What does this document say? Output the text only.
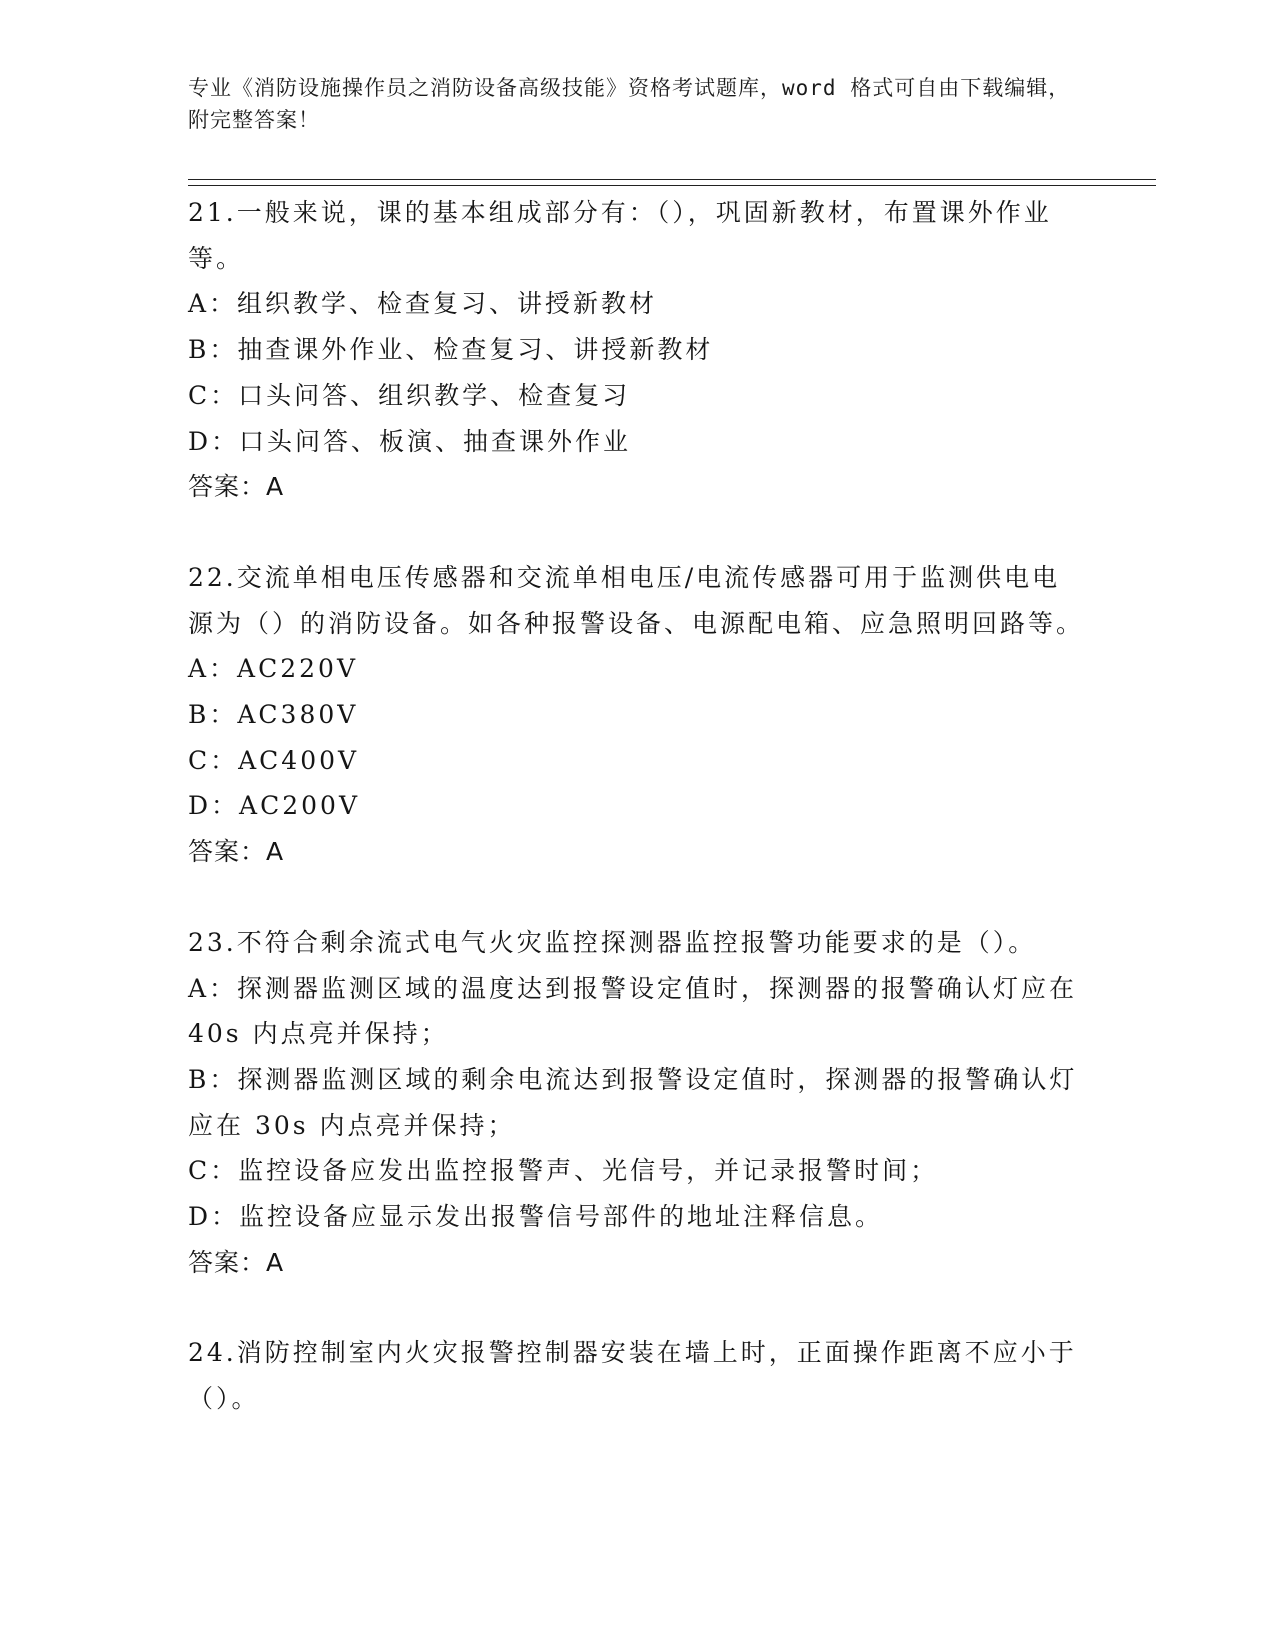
专业《消防设施操作员之消防设备高级技能》资格考试题库，word 格式可自由下载编辑，附完整答案！

21.一般来说，课的基本组成部分有：（），巩固新教材，布置课外作业等。

A：组织教学、检查复习、讲授新教材

B：抽查课外作业、检查复习、讲授新教材

C：口头问答、组织教学、检查复习

D：口头问答、板演、抽查课外作业

答案：A

22.交流单相电压传感器和交流单相电压/电流传感器可用于监测供电电源为（）的消防设备。如各种报警设备、电源配电箱、应急照明回路等。

A：AC220V

B：AC380V

C：AC400V

D：AC200V

答案：A

23.不符合剩余流式电气火灾监控探测器监控报警功能要求的是（）。

A：探测器监测区域的温度达到报警设定值时，探测器的报警确认灯应在 40s 内点亮并保持；

B：探测器监测区域的剩余电流达到报警设定值时，探测器的报警确认灯应在 30s 内点亮并保持；

C：监控设备应发出监控报警声、光信号，并记录报警时间；

D：监控设备应显示发出报警信号部件的地址注释信息。

答案：A

24.消防控制室内火灾报警控制器安装在墙上时，正面操作距离不应小于（）。
